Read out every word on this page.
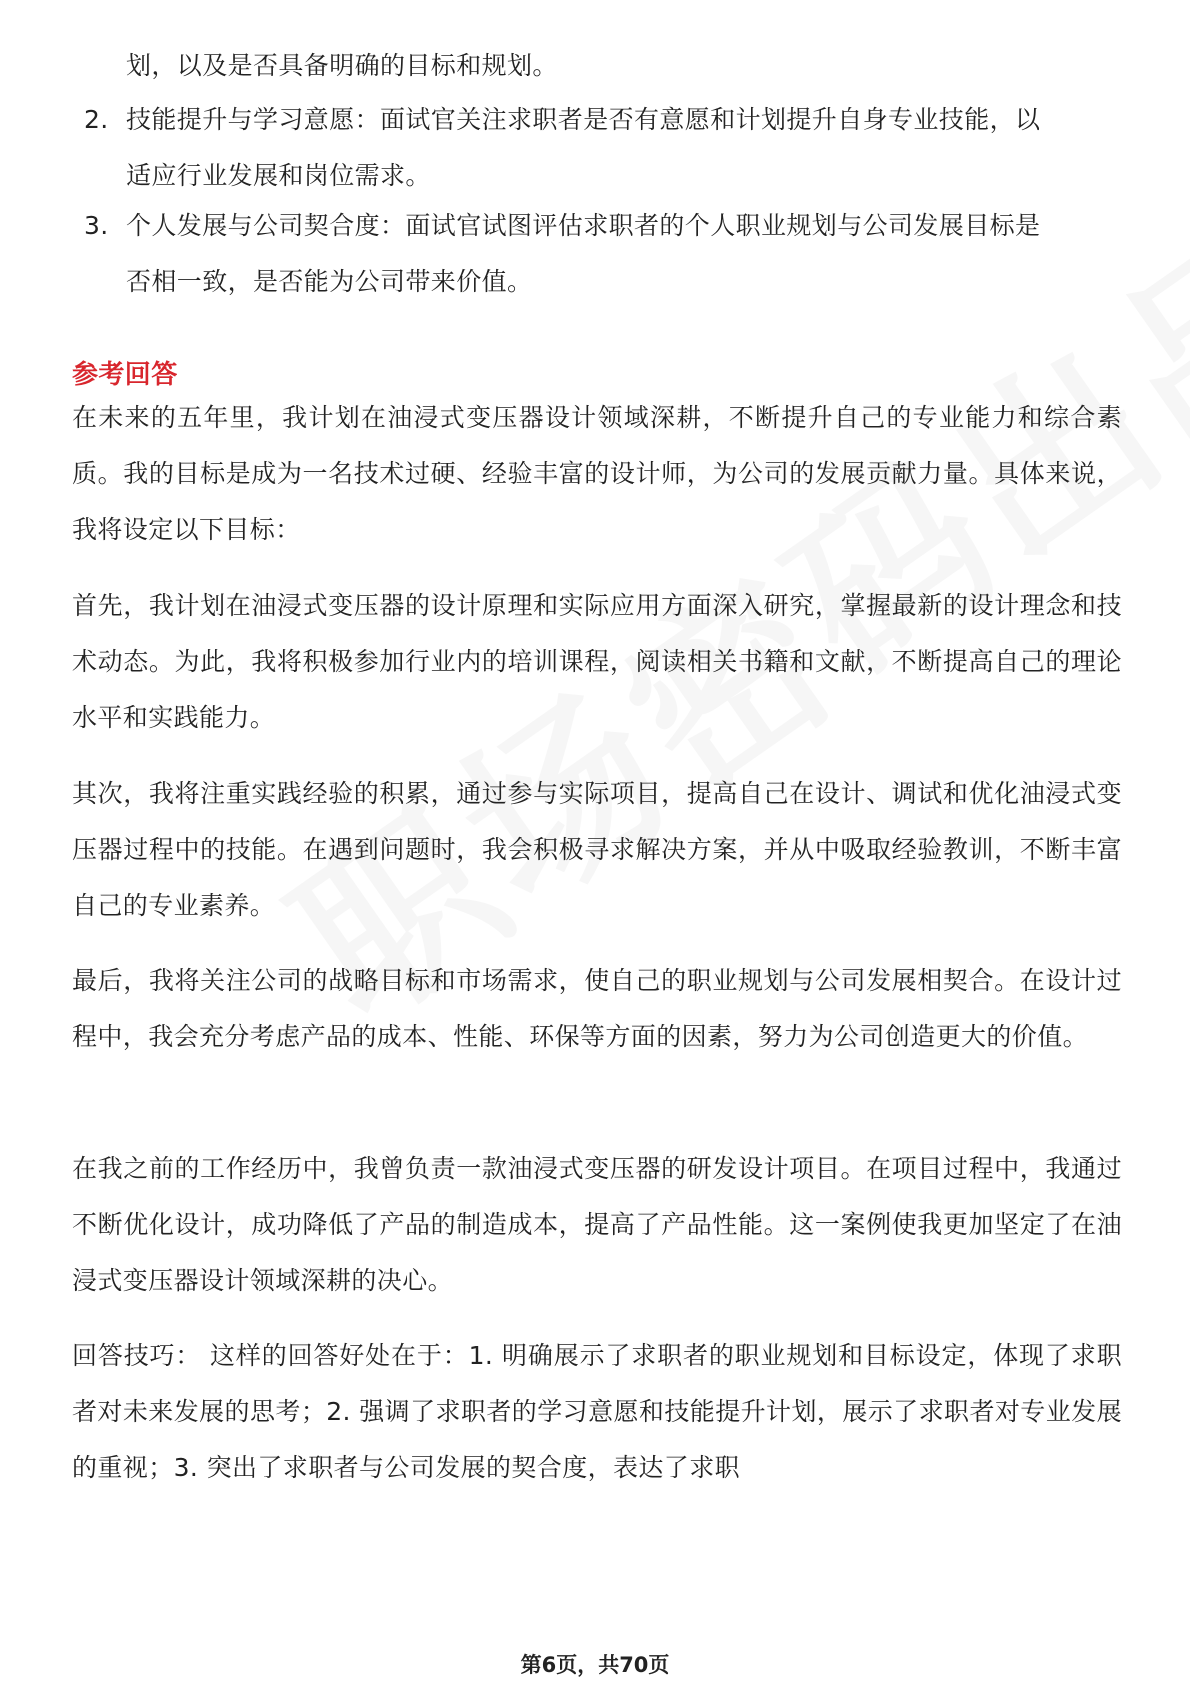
划，以及是否具备明确的目标和规划。
2. 技能提升与学习意愿：面试官关注求职者是否有意愿和计划提升自身专业技能，以适应行业发展和岗位需求。
3. 个人发展与公司契合度：面试官试图评估求职者的个人职业规划与公司发展目标是否相一致，是否能为公司带来价值。
参考回答
在未来的五年里，我计划在油浸式变压器设计领域深耕，不断提升自己的专业能力和综合素质。我的目标是成为一名技术过硬、经验丰富的设计师，为公司的发展贡献力量。具体来说，我将设定以下目标：
首先，我计划在油浸式变压器的设计原理和实际应用方面深入研究，掌握最新的设计理念和技术动态。为此，我将积极参加行业内的培训课程，阅读相关书籍和文献，不断提高自己的理论水平和实践能力。
其次，我将注重实践经验的积累，通过参与实际项目，提高自己在设计、调试和优化油浸式变压器过程中的技能。在遇到问题时，我会积极寻求解决方案，并从中吸取经验教训，不断丰富自己的专业素养。
最后，我将关注公司的战略目标和市场需求，使自己的职业规划与公司发展相契合。在设计过程中，我会充分考虑产品的成本、性能、环保等方面的因素，努力为公司创造更大的价值。
在我之前的工作经历中，我曾负责一款油浸式变压器的研发设计项目。在项目过程中，我通过不断优化设计，成功降低了产品的制造成本，提高了产品性能。这一案例使我更加坚定了在油浸式变压器设计领域深耕的决心。
回答技巧： 这样的回答好处在于：1. 明确展示了求职者的职业规划和目标设定，体现了求职者对未来发展的思考；2. 强调了求职者的学习意愿和技能提升计划，展示了求职者对专业发展的重视；3. 突出了求职者与公司发展的契合度，表达了求职
第6页，共70页
